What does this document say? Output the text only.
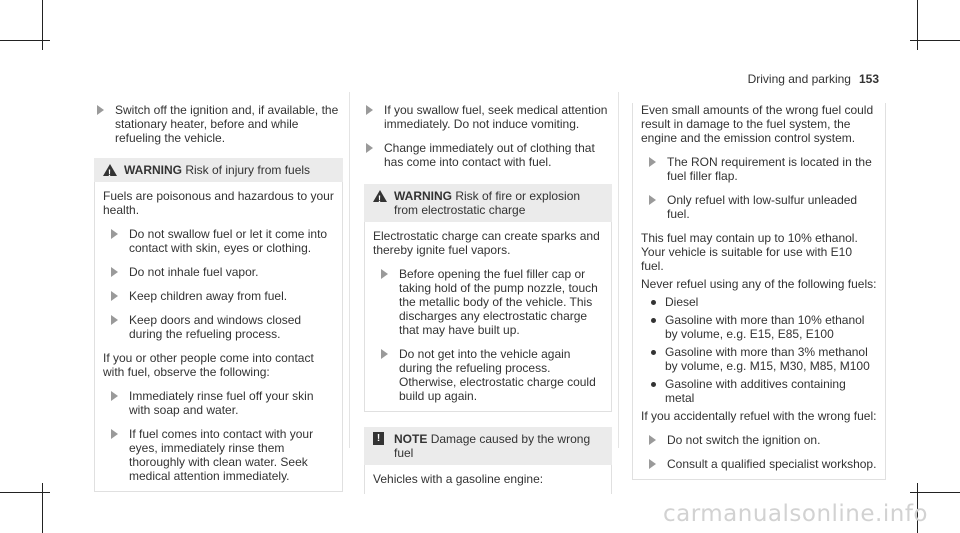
Driving and parking 153
Switch off the ignition and, if available, the stationary heater, before and while refueling the vehicle.
! WARNING Risk of injury from fuels
Fuels are poisonous and hazardous to your health.
Do not swallow fuel or let it come into contact with skin, eyes or clothing.
Do not inhale fuel vapor.
Keep children away from fuel.
Keep doors and windows closed during the refueling process.
If you or other people come into contact with fuel, observe the following:
Immediately rinse fuel off your skin with soap and water.
If fuel comes into contact with your eyes, immediately rinse them thoroughly with clean water. Seek medical attention immediately.
If you swallow fuel, seek medical attention immediately. Do not induce vomiting.
Change immediately out of clothing that has come into contact with fuel.
! WARNING Risk of fire or explosion from electrostatic charge
Electrostatic charge can create sparks and thereby ignite fuel vapors.
Before opening the fuel filler cap or taking hold of the pump nozzle, touch the metallic body of the vehicle. This discharges any electrostatic charge that may have built up.
Do not get into the vehicle again during the refueling process. Otherwise, electrostatic charge could build up again.
!	NOTE Damage caused by the wrong fuel
Vehicles with a gasoline engine:
Even small amounts of the wrong fuel could result in damage to the fuel system, the engine and the emission control system.
The RON requirement is located in the fuel filler flap.
Only refuel with low-sulfur unleaded fuel.
This fuel may contain up to 10% ethanol. Your vehicle is suitable for use with E10 fuel.
Never refuel using any of the following fuels:
Diesel
Gasoline with more than 10% ethanol by volume, e.g. E15, E85, E100
Gasoline with more than 3% methanol by volume, e.g. M15, M30, M85, M100
Gasoline with additives containing metal
If you accidentally refuel with the wrong fuel:
Do not switch the ignition on.
Consult a qualified specialist workshop.
carmanualsonline.info
